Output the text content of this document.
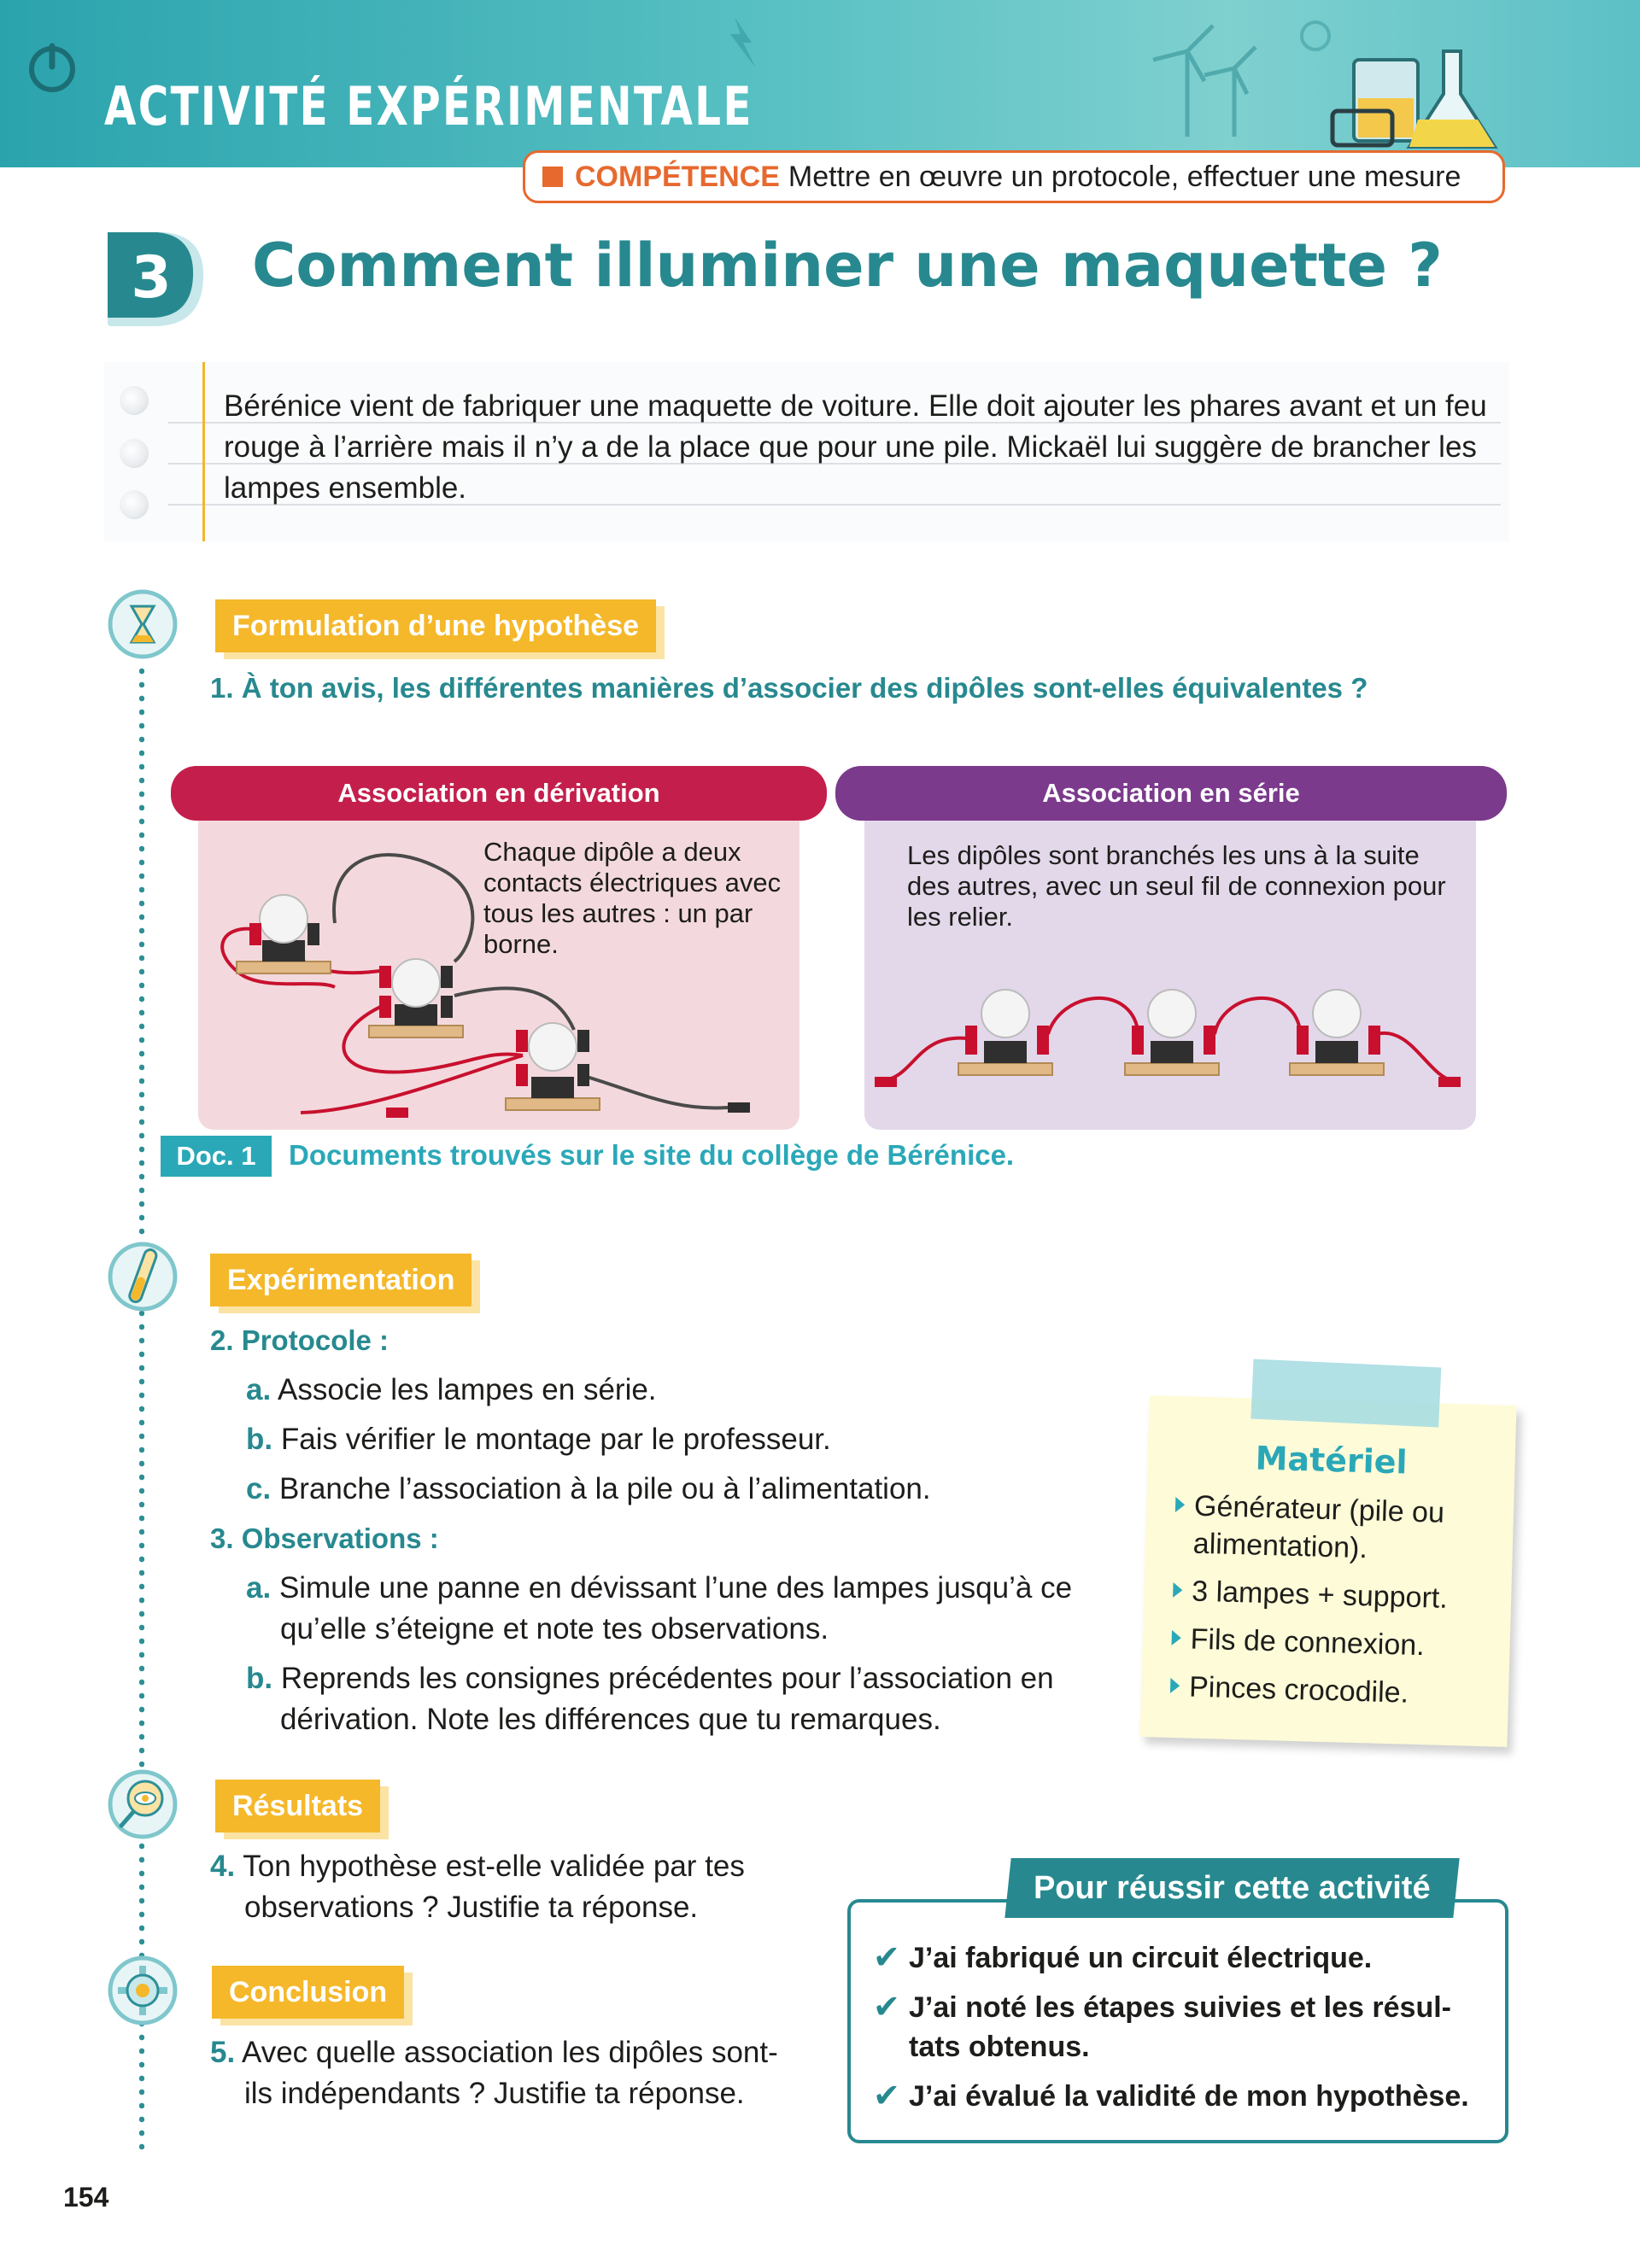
ACTIVITÉ EXPÉRIMENTALE
COMPÉTENCE Mettre en œuvre un protocole, effectuer une mesure
3 Comment illuminer une maquette ?
Bérénice vient de fabriquer une maquette de voiture. Elle doit ajouter les phares avant et un feu rouge à l’arrière mais il n’y a de la place que pour une pile. Mickaël lui suggère de brancher les lampes ensemble.
Formulation d’une hypothèse
1. À ton avis, les différentes manières d’associer des dipôles sont-elles équivalentes ?
Association en dérivation
Chaque dipôle a deux contacts électriques avec tous les autres : un par borne.
Association en série
Les dipôles sont branchés les uns à la suite des autres, avec un seul fil de connexion pour les relier.
Doc. 1	Documents trouvés sur le site du collège de Bérénice.
Expérimentation
2. Protocole :
a. Associe les lampes en série.
b. Fais vérifier le montage par le professeur.
c. Branche l’association à la pile ou à l’alimentation.
3. Observations :
a. Simule une panne en dévissant l’une des lampes jusqu’à ce qu’elle s’éteigne et note tes observations.
b. Reprends les consignes précédentes pour l’association en dérivation. Note les différences que tu remarques.
Matériel
Générateur (pile ou alimentation).
3 lampes + support.
Fils de connexion.
Pinces crocodile.
Résultats
4. Ton hypothèse est-elle validée par tes observations ? Justifie ta réponse.
Conclusion
5. Avec quelle association les dipôles sont-ils indépendants ? Justifie ta réponse.
Pour réussir cette activité
✔ J’ai fabriqué un circuit électrique.
✔ J’ai noté les étapes suivies et les résultats obtenus.
✔ J’ai évalué la validité de mon hypothèse.
154
